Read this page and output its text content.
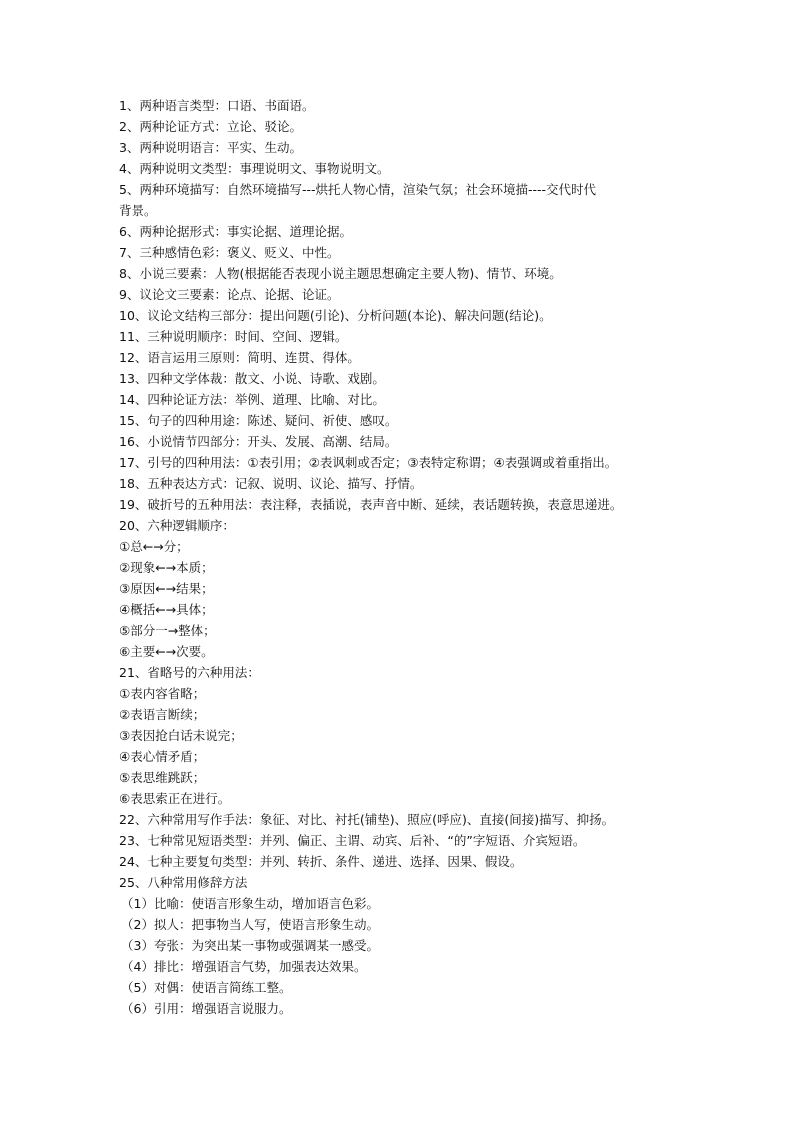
1、两种语言类型：口语、书面语。
2、两种论证方式：立论、驳论。
3、两种说明语言：平实、生动。
4、两种说明文类型：事理说明文、事物说明文。
5、两种环境描写：自然环境描写---烘托人物心情，渲染气氛；社会环境描----交代时代
背景。
6、两种论据形式：事实论据、道理论据。
7、三种感情色彩：褒义、贬义、中性。
8、小说三要素：人物(根据能否表现小说主题思想确定主要人物)、情节、环境。
9、议论文三要素：论点、论据、论证。
10、议论文结构三部分：提出问题(引论)、分析问题(本论)、解决问题(结论)。
11、三种说明顺序：时间、空间、逻辑。
12、语言运用三原则：简明、连贯、得体。
13、四种文学体裁：散文、小说、诗歌、戏剧。
14、四种论证方法：举例、道理、比喻、对比。
15、句子的四种用途：陈述、疑问、祈使、感叹。
16、小说情节四部分：开头、发展、高潮、结局。
17、引号的四种用法：①表引用；②表讽刺或否定；③表特定称谓；④表强调或着重指出。
18、五种表达方式：记叙、说明、议论、描写、抒情。
19、破折号的五种用法：表注释，表插说，表声音中断、延续，表话题转换，表意思递进。
20、六种逻辑顺序：
①总←→分；
②现象←→本质；
③原因←→结果；
④概括←→具体；
⑤部分一→整体；
⑥主要←→次要。
21、省略号的六种用法：
①表内容省略；
②表语言断续；
③表因抢白话未说完；
④表心情矛盾；
⑤表思维跳跃；
⑥表思索正在进行。
22、六种常用写作手法：象征、对比、衬托(铺垫)、照应(呼应)、直接(间接)描写、抑扬。
23、七种常见短语类型：并列、偏正、主谓、动宾、后补、“的”字短语、介宾短语。
24、七种主要复句类型：并列、转折、条件、递进、选择、因果、假设。
25、八种常用修辞方法
（1）比喻：使语言形象生动，增加语言色彩。
（2）拟人：把事物当人写，使语言形象生动。
（3）夸张：为突出某一事物或强调某一感受。
（4）排比：增强语言气势，加强表达效果。
（5）对偶：使语言简练工整。
（6）引用：增强语言说服力。
